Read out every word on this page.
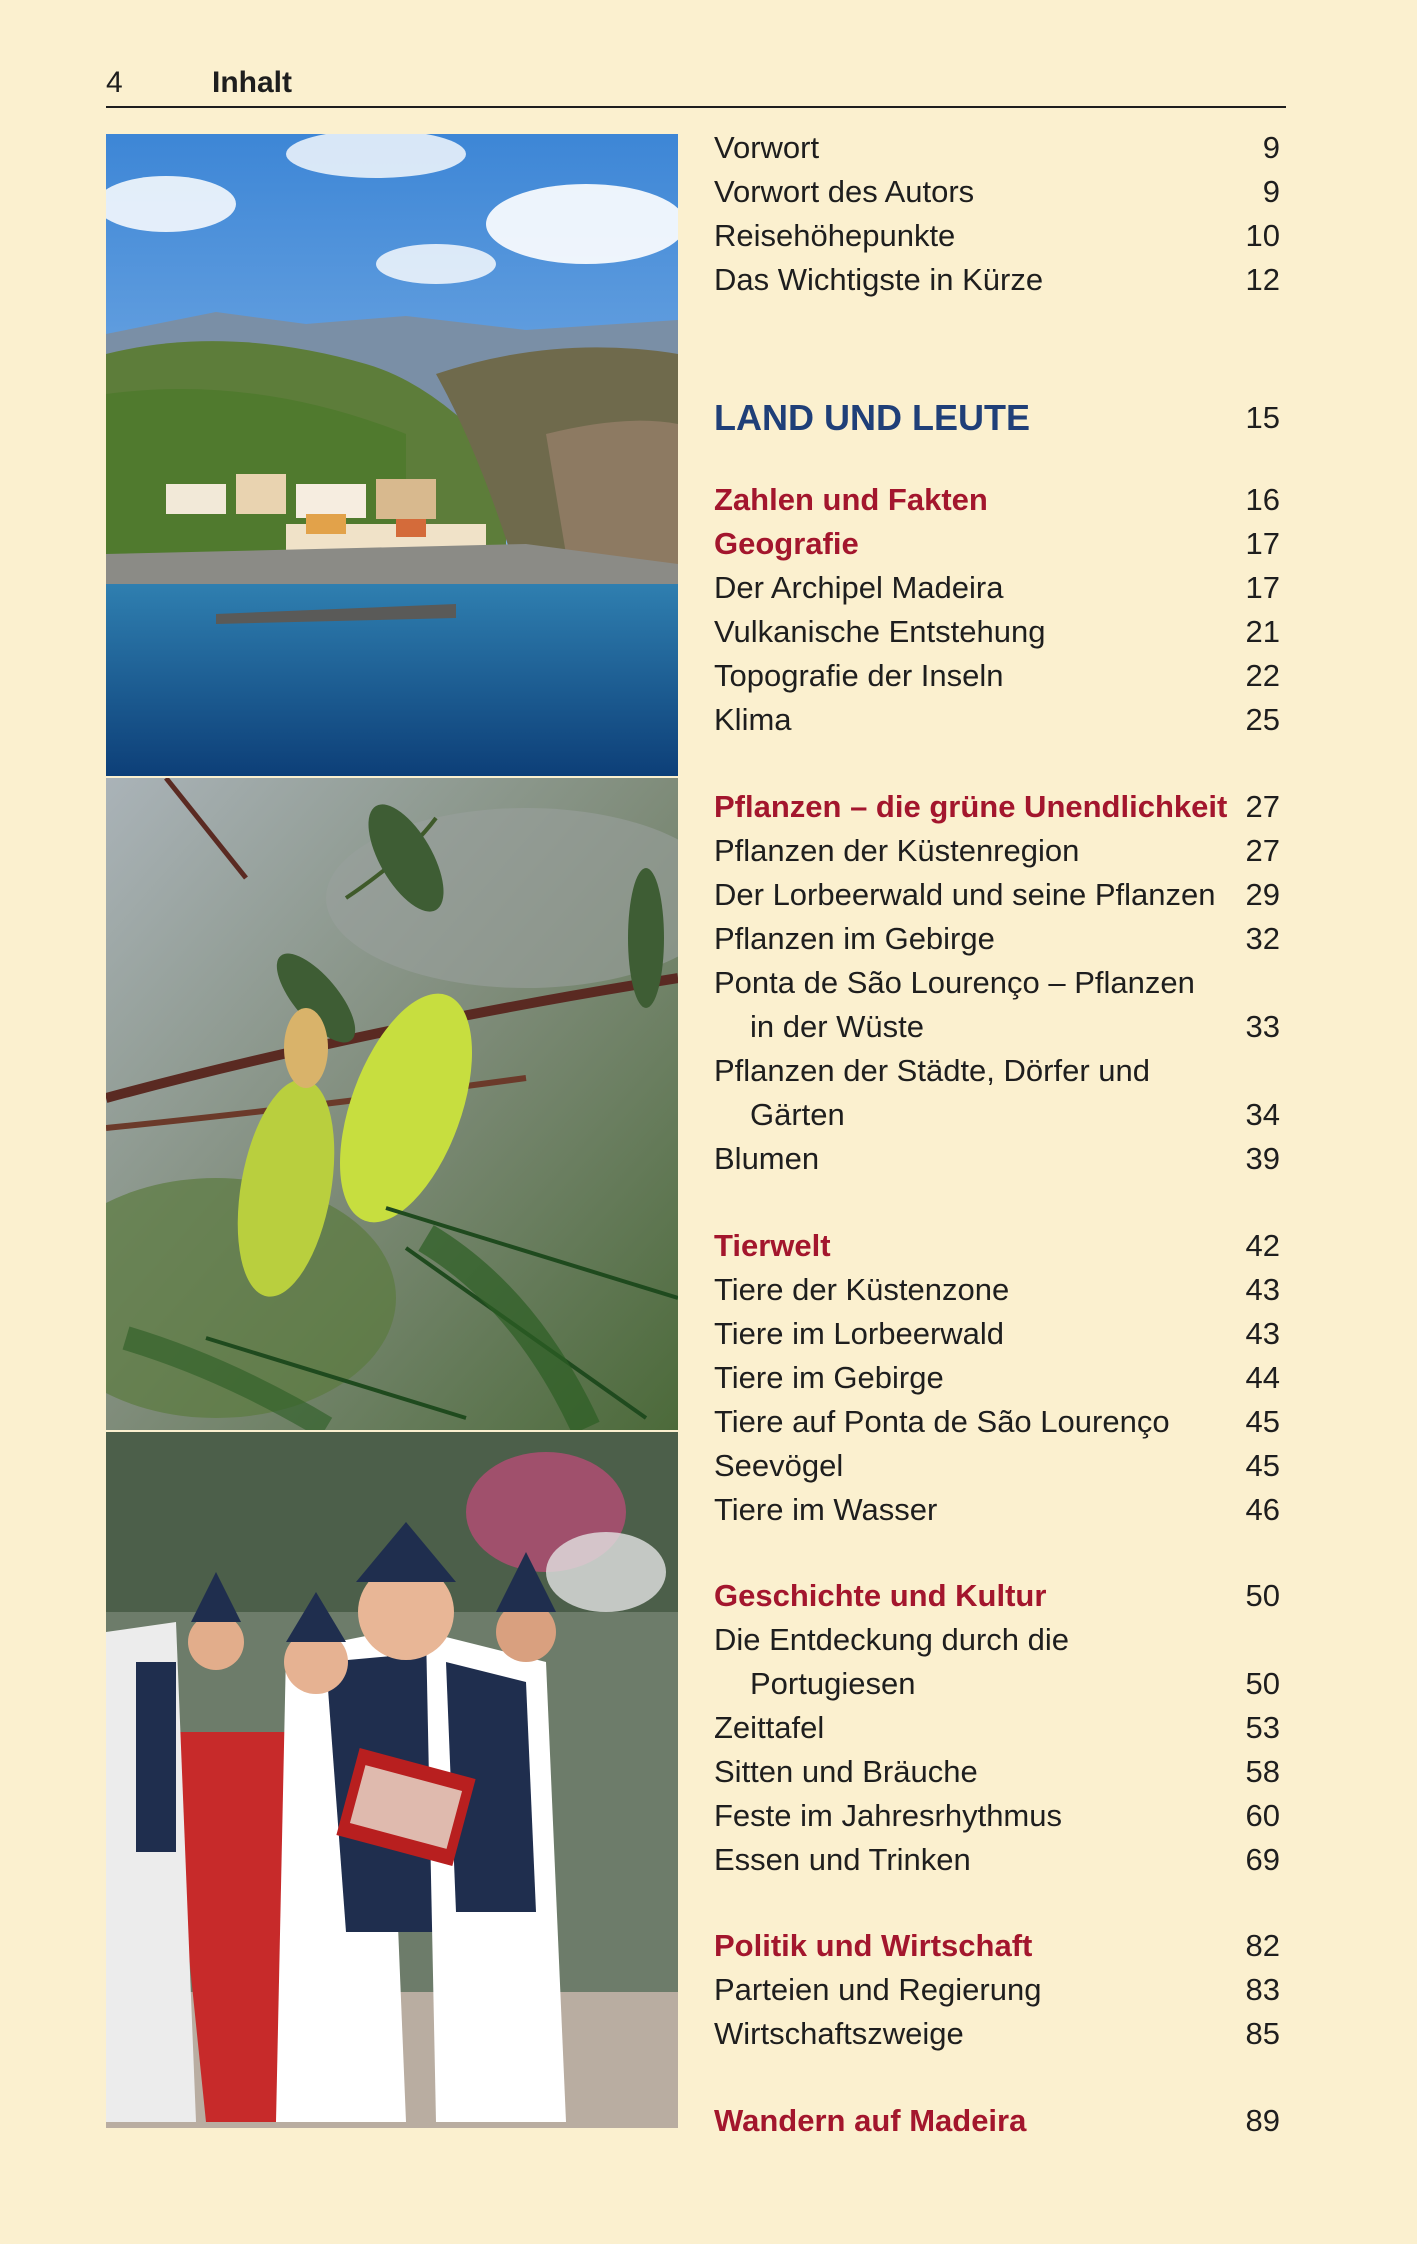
4	Inhalt
Vorwort	9
Vorwort des Autors	9
Reisehöhepunkte	10
Das Wichtigste in Kürze	12
LAND UND LEUTE	15
Zahlen und Fakten	16
Geografie	17
Der Archipel Madeira	17
Vulkanische Entstehung	21
Topografie der Inseln	22
Klima	25
Pflanzen – die grüne Unendlichkeit 27
Pflanzen der Küstenregion	27
Der Lorbeerwald und seine Pflanzen 29
Pflanzen im Gebirge	32
Ponta de São Lourenço – Pflanzen
in der Wüste	33
Pflanzen der Städte, Dörfer und
Gärten	34
Blumen	39
Tierwelt	42
Tiere der Küstenzone	43
Tiere im Lorbeerwald	43
Tiere im Gebirge	44
Tiere auf Ponta de São Lourenço 45
Seevögel	45
Tiere im Wasser	46
Geschichte und Kultur	50
Die Entdeckung durch die
Portugiesen	50
Zeittafel	53
Sitten und Bräuche	58
Feste im Jahresrhythmus	60
Essen und Trinken	69
Politik und Wirtschaft	82
Parteien und Regierung	83
Wirtschaftszweige	85
Wandern auf Madeira	89
